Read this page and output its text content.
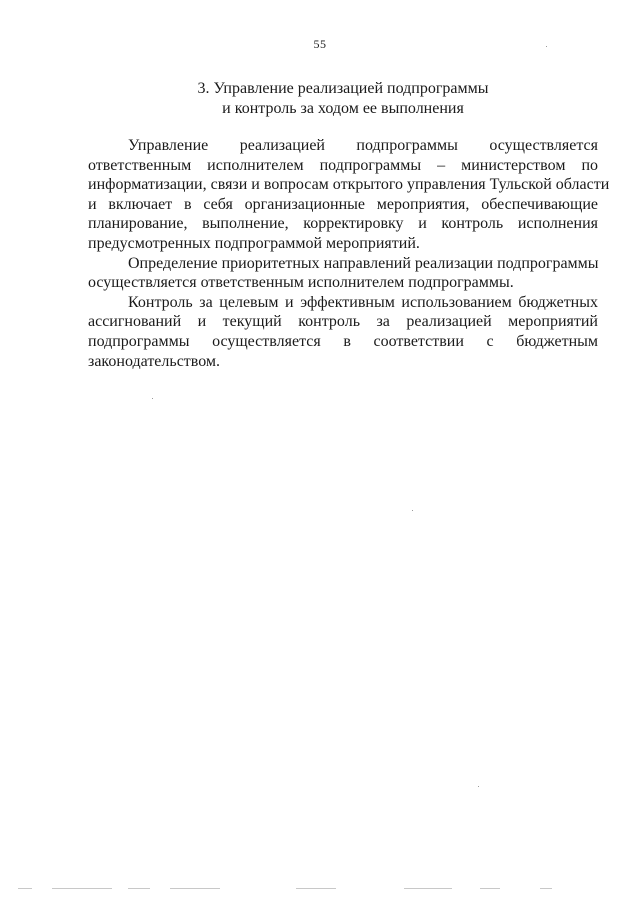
55
3. Управление реализацией подпрограммы
и контроль за ходом ее выполнения

Управление реализацией подпрограммы осуществляется
ответственным исполнителем подпрограммы – министерством по
информатизации, связи и вопросам открытого управления Тульской области
и включает в себя организационные мероприятия, обеспечивающие
планирование, выполнение, корректировку и контроль исполнения
предусмотренных подпрограммой мероприятий.

Определение приоритетных направлений реализации подпрограммы
осуществляется ответственным исполнителем подпрограммы.

Контроль за целевым и эффективным использованием бюджетных
ассигнований и текущий контроль за реализацией мероприятий
подпрограммы осуществляется в соответствии с бюджетным
законодательством.
